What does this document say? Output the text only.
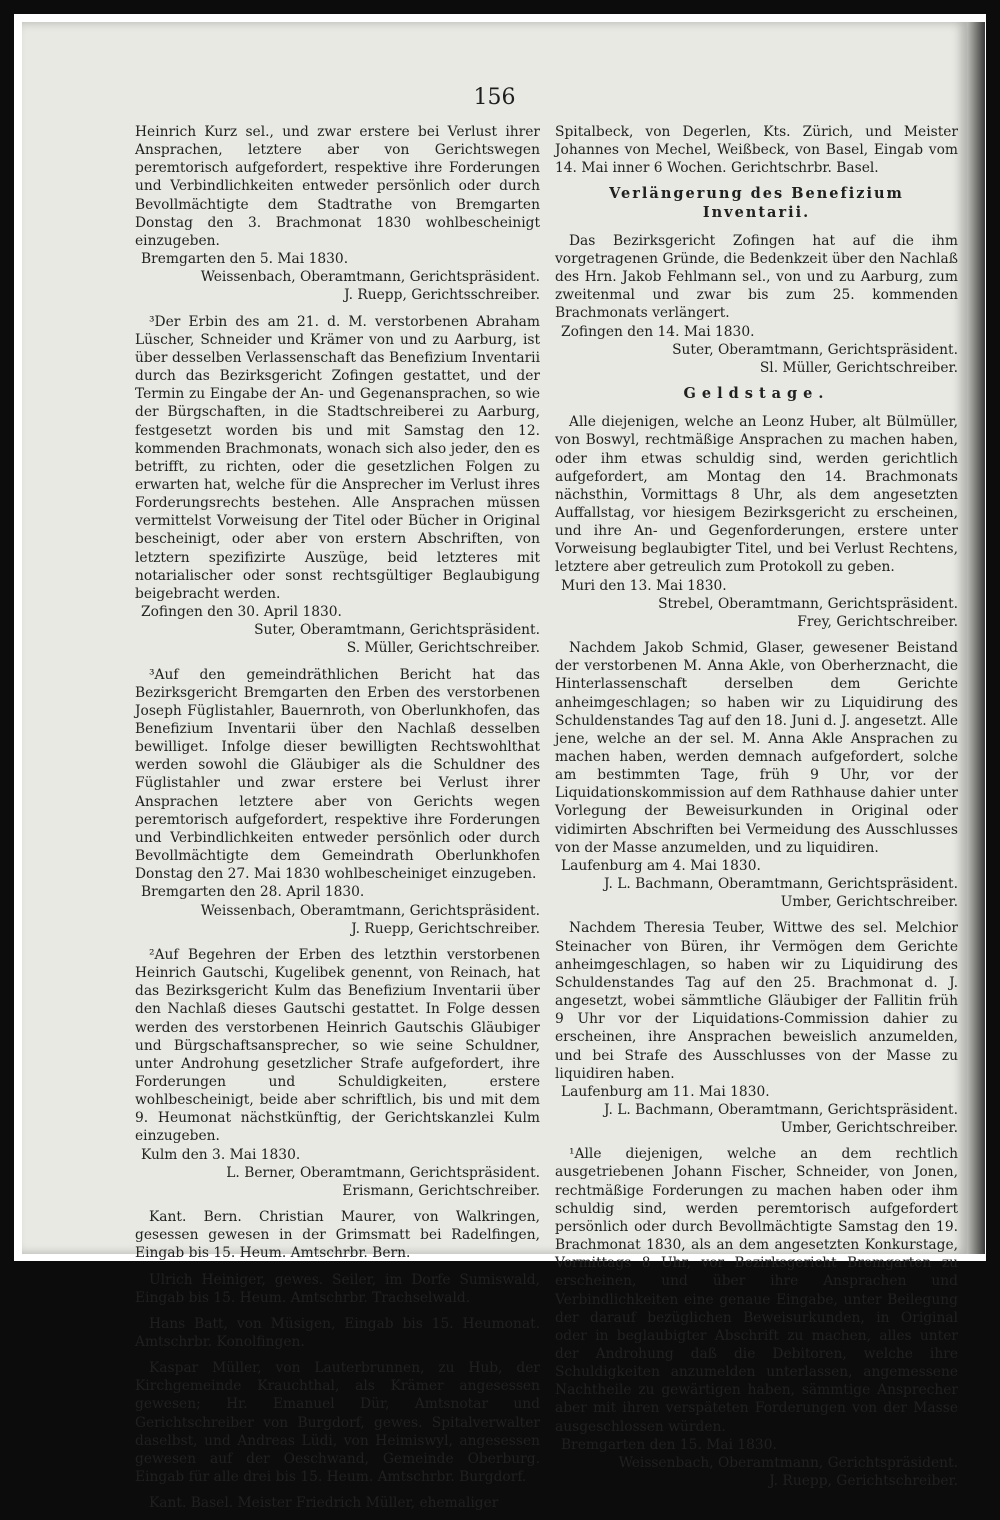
156

Heinrich Kurz sel., und zwar erstere bei Verlust ihrer Ansprachen, letztere aber von Gerichtswegen peremtorisch aufgefordert, respektive ihre Forderungen und Verbindlichkeiten entweder persönlich oder durch Bevollmächtigte dem Stadtrathe von Bremgarten Donstag den 3. Brachmonat 1830 wohlbescheinigt einzugeben.

Bremgarten den 5. Mai 1830.

Weissenbach, Oberamtmann, Gerichtspräsident.

J. Ruepp, Gerichtsschreiber.

³Der Erbin des am 21. d. M. verstorbenen Abraham Lüscher, Schneider und Krämer von und zu Aarburg, ist über desselben Verlassenschaft das Benefizium Inventarii durch das Bezirksgericht Zofingen gestattet, und der Termin zu Eingabe der An- und Gegenansprachen, so wie der Bürgschaften, in die Stadtschreiberei zu Aarburg, festgesetzt worden bis und mit Samstag den 12. kommenden Brachmonats, wonach sich also jeder, den es betrifft, zu richten, oder die gesetzlichen Folgen zu erwarten hat, welche für die Ansprecher im Verlust ihres Forderungsrechts bestehen. Alle Ansprachen müssen vermittelst Vorweisung der Titel oder Bücher in Original bescheinigt, oder aber von erstern Abschriften, von letztern spezifizirte Auszüge, beid letzteres mit notarialischer oder sonst rechtsgültiger Beglaubigung beigebracht werden.

Zofingen den 30. April 1830.

Suter, Oberamtmann, Gerichtspräsident.

S. Müller, Gerichtschreiber.

³Auf den gemeindräthlichen Bericht hat das Bezirksgericht Bremgarten den Erben des verstorbenen Joseph Füglistahler, Bauernroth, von Oberlunkhofen, das Benefizium Inventarii über den Nachlaß desselben bewilliget. Infolge dieser bewilligten Rechtswohlthat werden sowohl die Gläubiger als die Schuldner des Füglistahler und zwar erstere bei Verlust ihrer Ansprachen letztere aber von Gerichts wegen peremtorisch aufgefordert, respektive ihre Forderungen und Verbindlichkeiten entweder persönlich oder durch Bevollmächtigte dem Gemeindrath Oberlunkhofen Donstag den 27. Mai 1830 wohlbescheiniget einzugeben.

Bremgarten den 28. April 1830.

Weissenbach, Oberamtmann, Gerichtspräsident.

J. Ruepp, Gerichtschreiber.

²Auf Begehren der Erben des letzthin verstorbenen Heinrich Gautschi, Kugelibek genennt, von Reinach, hat das Bezirksgericht Kulm das Benefizium Inventarii über den Nachlaß dieses Gautschi gestattet. In Folge dessen werden des verstorbenen Heinrich Gautschis Gläubiger und Bürgschaftsansprecher, so wie seine Schuldner, unter Androhung gesetzlicher Strafe aufgefordert, ihre Forderungen und Schuldigkeiten, erstere wohlbescheinigt, beide aber schriftlich, bis und mit dem 9. Heumonat nächstkünftig, der Gerichtskanzlei Kulm einzugeben.

Kulm den 3. Mai 1830.

L. Berner, Oberamtmann, Gerichtspräsident.

Erismann, Gerichtschreiber.

Kant. Bern. Christian Maurer, von Walkringen, gesessen gewesen in der Grimsmatt bei Radelfingen, Eingab bis 15. Heum. Amtschrbr. Bern.

Ulrich Heiniger, gewes. Seiler, im Dorfe Sumiswald, Eingab bis 15. Heum. Amtschrbr. Trachselwald.

Hans Batt, von Müsigen, Eingab bis 15. Heumonat. Amtschrbr. Konolfingen.

Kaspar Müller, von Lauterbrunnen, zu Hub, der Kirchgemeinde Krauchthal, als Krämer angesessen gewesen; Hr. Emanuel Dür, Amtsnotar und Gerichtschreiber von Burgdorf, gewes. Spitalverwalter daselbst, und Andreas Lüdi, von Heimiswyl, angesessen gewesen auf der Oeschwand, Gemeinde Oberburg. Eingab für alle drei bis 15. Heum. Amtschrbr. Burgdorf.

Kant. Basel. Meister Friedrich Müller, ehemaliger

Spitalbeck, von Degerlen, Kts. Zürich, und Meister Johannes von Mechel, Weißbeck, von Basel, Eingab vom 14. Mai inner 6 Wochen. Gerichtschrbr. Basel.

Verlängerung des Benefizium Inventarii.

Das Bezirksgericht Zofingen hat auf die ihm vorgetragenen Gründe, die Bedenkzeit über den Nachlaß des Hrn. Jakob Fehlmann sel., von und zu Aarburg, zum zweitenmal und zwar bis zum 25. kommenden Brachmonats verlängert.

Zofingen den 14. Mai 1830.

Suter, Oberamtmann, Gerichtspräsident.

Sl. Müller, Gerichtschreiber.

Geldstage.

Alle diejenigen, welche an Leonz Huber, alt Bülmüller, von Boswyl, rechtmäßige Ansprachen zu machen haben, oder ihm etwas schuldig sind, werden gerichtlich aufgefordert, am Montag den 14. Brachmonats nächsthin, Vormittags 8 Uhr, als dem angesetzten Auffallstag, vor hiesigem Bezirksgericht zu erscheinen, und ihre An- und Gegenforderungen, erstere unter Vorweisung beglaubigter Titel, und bei Verlust Rechtens, letztere aber getreulich zum Protokoll zu geben.

Muri den 13. Mai 1830.

Strebel, Oberamtmann, Gerichtspräsident.

Frey, Gerichtschreiber.

Nachdem Jakob Schmid, Glaser, gewesener Beistand der verstorbenen M. Anna Akle, von Oberherznacht, die Hinterlassenschaft derselben dem Gerichte anheimgeschlagen; so haben wir zu Liquidirung des Schuldenstandes Tag auf den 18. Juni d. J. angesetzt. Alle jene, welche an der sel. M. Anna Akle Ansprachen zu machen haben, werden demnach aufgefordert, solche am bestimmten Tage, früh 9 Uhr, vor der Liquidationskommission auf dem Rathhause dahier unter Vorlegung der Beweisurkunden in Original oder vidimirten Abschriften bei Vermeidung des Ausschlusses von der Masse anzumelden, und zu liquidiren.

Laufenburg am 4. Mai 1830.

J. L. Bachmann, Oberamtmann, Gerichtspräsident.

Umber, Gerichtschreiber.

Nachdem Theresia Teuber, Wittwe des sel. Melchior Steinacher von Büren, ihr Vermögen dem Gerichte anheimgeschlagen, so haben wir zu Liquidirung des Schuldenstandes Tag auf den 25. Brachmonat d. J. angesetzt, wobei sämmtliche Gläubiger der Fallitin früh 9 Uhr vor der Liquidations-Commission dahier zu erscheinen, ihre Ansprachen beweislich anzumelden, und bei Strafe des Ausschlusses von der Masse zu liquidiren haben.

Laufenburg am 11. Mai 1830.

J. L. Bachmann, Oberamtmann, Gerichtspräsident.

Umber, Gerichtschreiber.

¹Alle diejenigen, welche an dem rechtlich ausgetriebenen Johann Fischer, Schneider, von Jonen, rechtmäßige Forderungen zu machen haben oder ihm schuldig sind, werden peremtorisch aufgefordert persönlich oder durch Bevollmächtigte Samstag den 19. Brachmonat 1830, als an dem angesetzten Konkurstage, Vormittags 8 Uhr, vor Bezirksgericht Bremgarten zu erscheinen, und über ihre Ansprachen und Verbindlichkeiten eine genaue Eingabe, unter Beilegung der darauf bezüglichen Beweisurkunden, in Original oder in beglaubigter Abschrift zu machen, alles unter der Androhung daß die Debitoren, welche ihre Schuldigkeiten anzumelden unterlassen, angemessene Nachtheile zu gewärtigen haben, sämmtige Ansprecher aber mit ihren verspäteten Forderungen von der Masse ausgeschlossen würden.

Bremgarten den 15. Mai 1830.

Weissenbach, Oberamtmann, Gerichtspräsident.

J. Ruepp, Gerichtschreiber.
